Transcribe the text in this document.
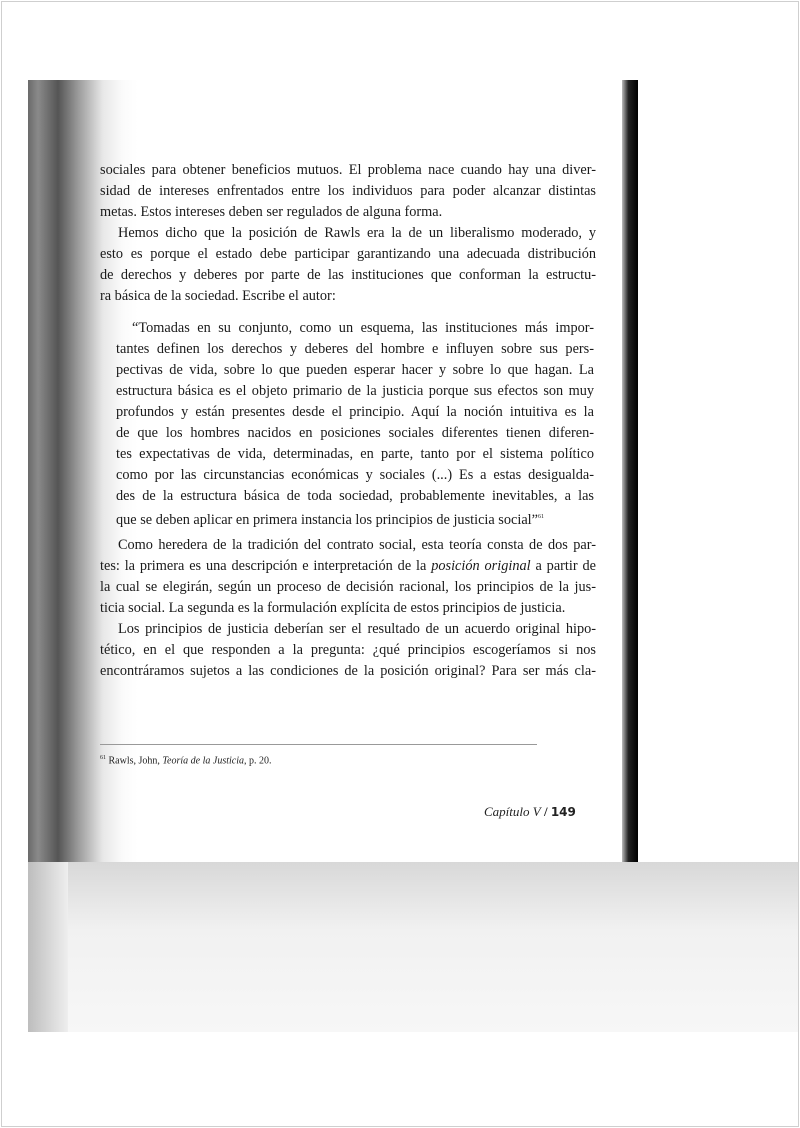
sociales para obtener beneficios mutuos. El problema nace cuando hay una diver-
sidad de intereses enfrentados entre los individuos para poder alcanzar distintas
metas. Estos intereses deben ser regulados de alguna forma.
Hemos dicho que la posición de Rawls era la de un liberalismo moderado, y
esto es porque el estado debe participar garantizando una adecuada distribución
de derechos y deberes por parte de las instituciones que conforman la estructu-
ra básica de la sociedad. Escribe el autor:
“Tomadas en su conjunto, como un esquema, las instituciones más impor-
tantes definen los derechos y deberes del hombre e influyen sobre sus pers-
pectivas de vida, sobre lo que pueden esperar hacer y sobre lo que hagan. La
estructura básica es el objeto primario de la justicia porque sus efectos son muy
profundos y están presentes desde el principio. Aquí la noción intuitiva es la
de que los hombres nacidos en posiciones sociales diferentes tienen diferen-
tes expectativas de vida, determinadas, en parte, tanto por el sistema político
como por las circunstancias económicas y sociales (...) Es a estas desigualda-
des de la estructura básica de toda sociedad, probablemente inevitables, a las
que se deben aplicar en primera instancia los principios de justicia social”$^{61}$
Como heredera de la tradición del contrato social, esta teoría consta de dos par-
tes: la primera es una descripción e interpretación de la posición original a partir de
la cual se elegirán, según un proceso de decisión racional, los principios de la jus-
ticia social. La segunda es la formulación explícita de estos principios de justicia.
Los principios de justicia deberían ser el resultado de un acuerdo original hipo-
tético, en el que responden a la pregunta: ¿qué principios escogeríamos si nos
encontráramos sujetos a las condiciones de la posición original? Para ser más cla-
$^{61}$ Rawls, John, Teoría de la Justicia, p. 20.
Capítulo V / 149
